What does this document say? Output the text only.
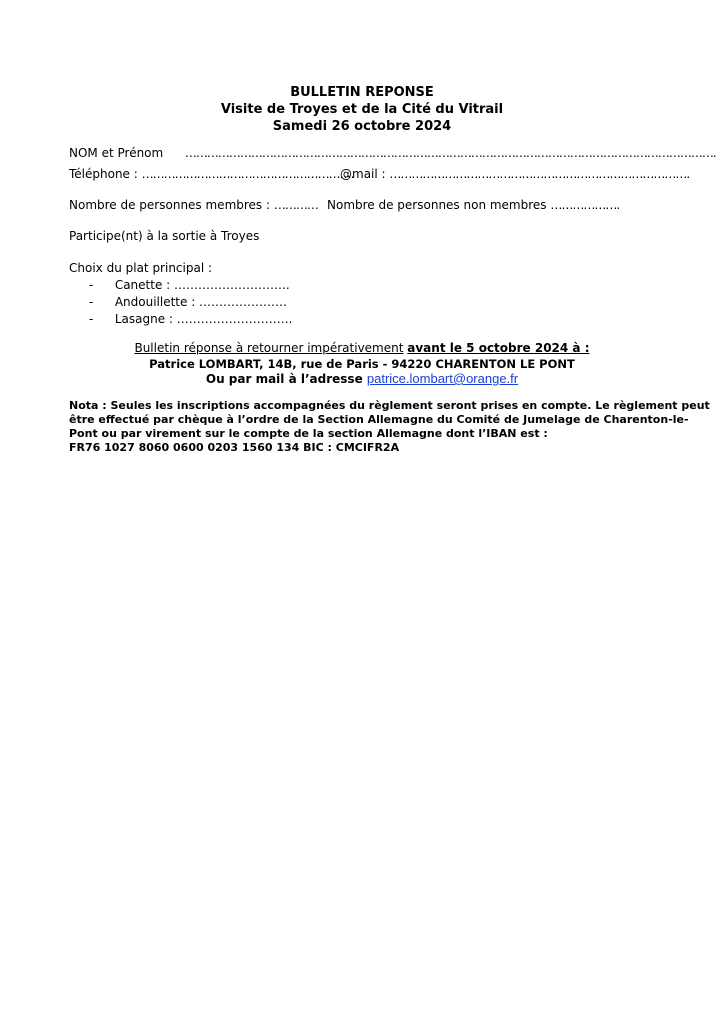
BULLETIN REPONSE
Visite de Troyes et de la Cité du Vitrail
Samedi 26 octobre 2024
NOM et Prénom ……………………………………………………………………………………………………………………………….
Téléphone : ………………………………………………….
@mail : ……………………………………………………………………….
Nombre de personnes membres : ………… Nombre de personnes non membres ……………….
Participe(nt) à la sortie à Troyes
Choix du plat principal :
- Canette : ………………………..
- Andouillette : ………………….
- Lasagne : ………………………..
Bulletin réponse à retourner impérativement avant le 5 octobre 2024 à :
Patrice LOMBART, 14B, rue de Paris - 94220 CHARENTON LE PONT
Ou par mail à l’adresse patrice.lombart@orange.fr
Nota : Seules les inscriptions accompagnées du règlement seront prises en compte. Le règlement peut
être effectué par chèque à l’ordre de la Section Allemagne du Comité de Jumelage de Charenton-le-
Pont ou par virement sur le compte de la section Allemagne dont l’IBAN est :
FR76 1027 8060 0600 0203 1560 134 BIC : CMCIFR2A
